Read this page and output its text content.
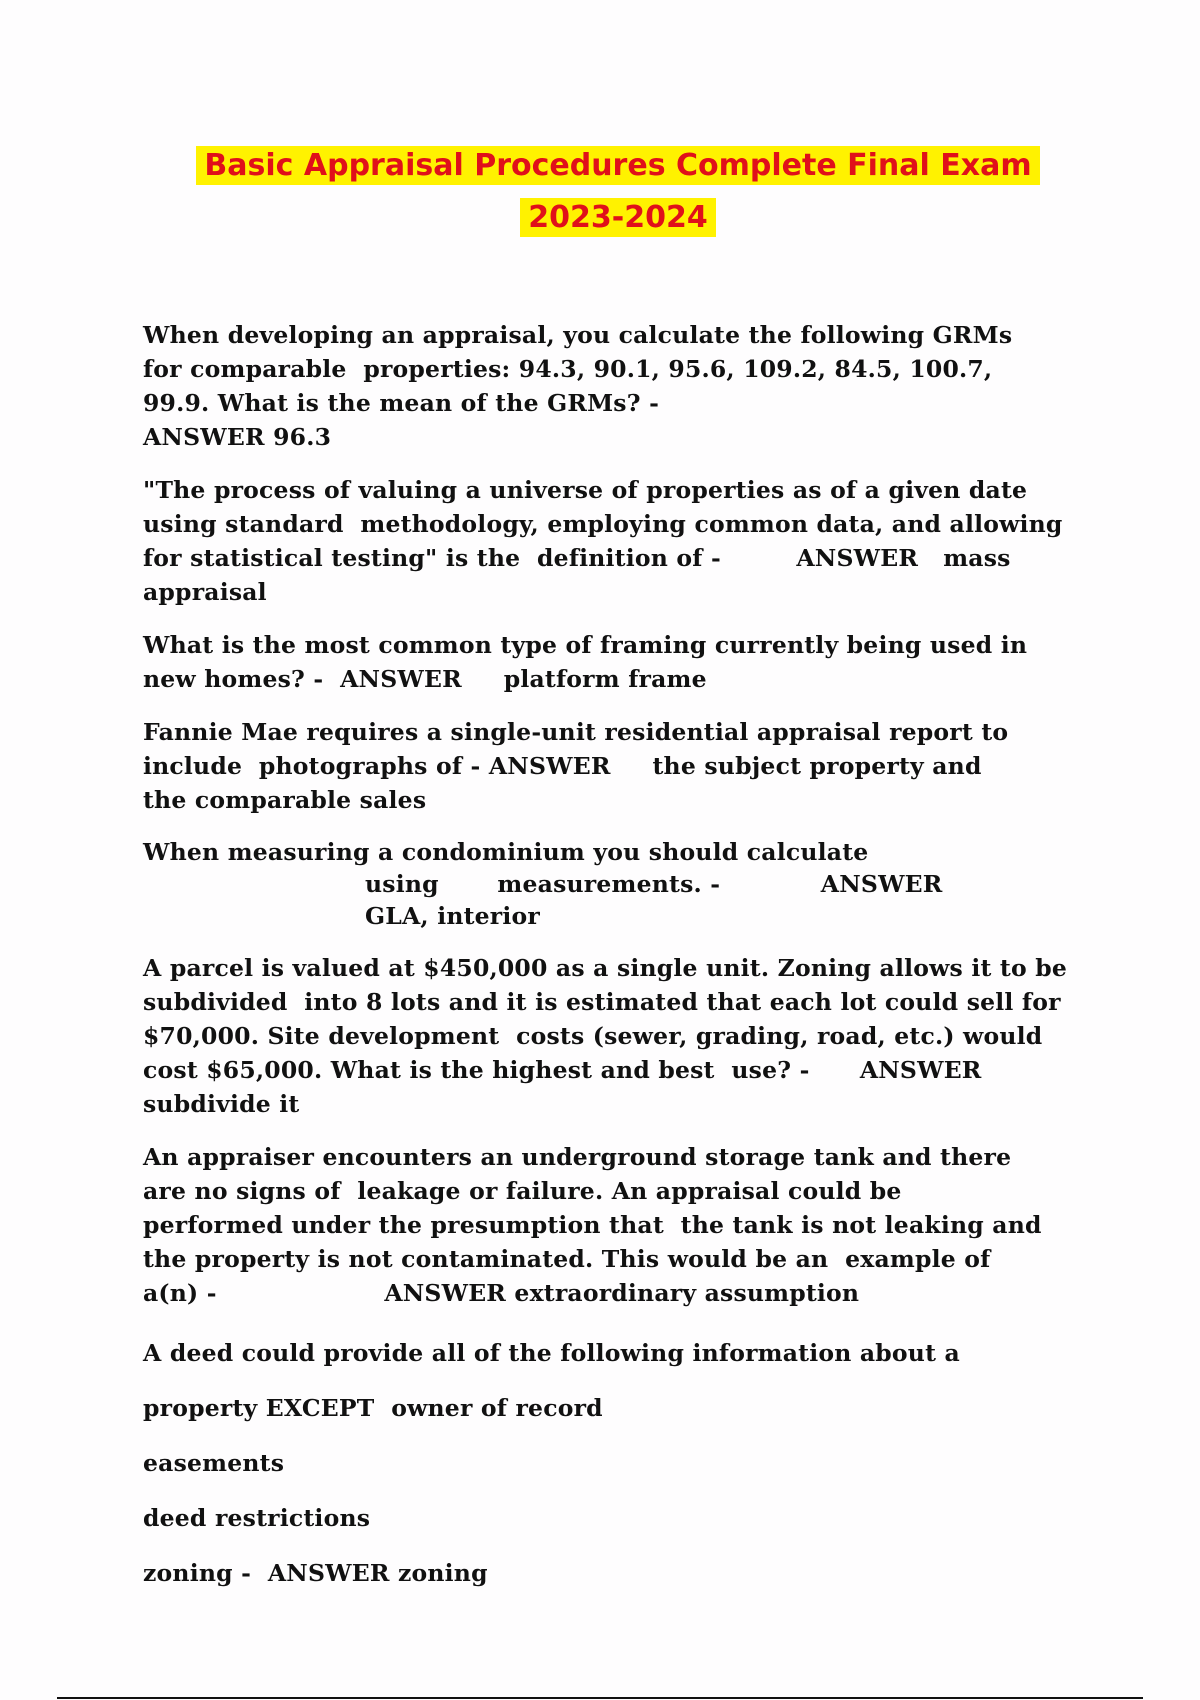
Basic Appraisal Procedures Complete Final Exam
2023-2024

When developing an appraisal, you calculate the following GRMs
for comparable  properties: 94.3, 90.1, 95.6, 109.2, 84.5, 100.7,
99.9. What is the mean of the GRMs? -
ANSWER 96.3

"The process of valuing a universe of properties as of a given date
using standard  methodology, employing common data, and allowing
for statistical testing" is the  definition of -         ANSWER   mass
appraisal

What is the most common type of framing currently being used in
new homes? -  ANSWER     platform frame

Fannie Mae requires a single-unit residential appraisal report to
include  photographs of - ANSWER     the subject property and
the comparable sales

When measuring a condominium you should calculate
using       measurements. -            ANSWER
GLA, interior

A parcel is valued at $450,000 as a single unit. Zoning allows it to be
subdivided  into 8 lots and it is estimated that each lot could sell for
$70,000. Site development  costs (sewer, grading, road, etc.) would
cost $65,000. What is the highest and best  use? -      ANSWER
subdivide it

An appraiser encounters an underground storage tank and there
are no signs of  leakage or failure. An appraisal could be
performed under the presumption that  the tank is not leaking and
the property is not contaminated. This would be an  example of
a(n) -                    ANSWER extraordinary assumption

A deed could provide all of the following information about a
property EXCEPT  owner of record
easements
deed restrictions
zoning -  ANSWER zoning
